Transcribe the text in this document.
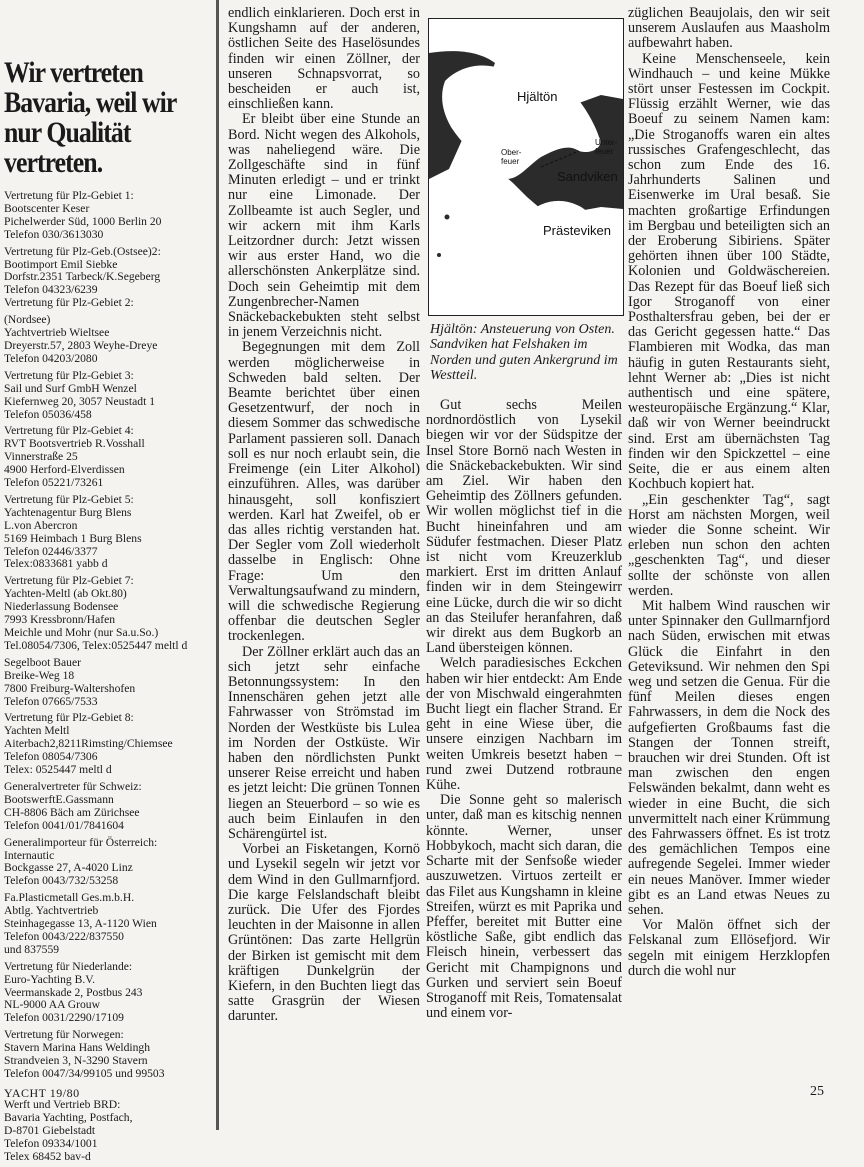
Wir vertreten
Bavaria, weil wir
nur Qualität
vertreten.
Vertretung für Plz-Gebiet 1:
Bootscenter Keser
Pichelwerder Süd, 1000 Berlin 20
Telefon 030/3613030
Vertretung für Plz-Geb.(Ostsee)2:
Bootimport Emil Siebke
Dorfstr.2351 Tarbeck/K.Segeberg
Telefon 04323/6239
Vertretung für Plz-Gebiet 2:
(Nordsee)
Yachtvertrieb Wieltsee
Dreyerstr.57, 2803 Weyhe-Dreye
Telefon 04203/2080
Vertretung für Plz-Gebiet 3:
Sail und Surf GmbH Wenzel
Kiefernweg 20, 3057 Neustadt 1
Telefon 05036/458
Vertretung für Plz-Gebiet 4:
RVT Bootsvertrieb R.Vosshall
Vinnerstraße 25
4900 Herford-Elverdissen
Telefon 05221/73261
Vertretung für Plz-Gebiet 5:
Yachtenagentur Burg Blens
L.von Abercron
5169 Heimbach 1 Burg Blens
Telefon 02446/3377
Telex:0833681 yabb d
Vertretung für Plz-Gebiet 7:
Yachten-Meltl (ab Okt.80)
Niederlassung Bodensee
7993 Kressbronn/Hafen
Meichle und Mohr (nur Sa.u.So.)
Tel.08054/7306, Telex:0525447 meltl d
Segelboot Bauer
Breike-Weg 18
7800 Freiburg-Waltershofen
Telefon 07665/7533
Vertretung für Plz-Gebiet 8:
Yachten Meltl
Aiterbach2,8211Rimsting/Chiemsee
Telefon 08054/7306
Telex: 0525447 meltl d
Generalvertreter für Schweiz:
BootswerftE.Gassmann
CH-8806 Bäch am Zürichsee
Telefon 0041/01/7841604
Generalimporteur für Österreich:
Internautic
Bockgasse 27, A-4020 Linz
Telefon 0043/732/53258
Fa.Plasticmetall Ges.m.b.H.
Abtlg. Yachtvertrieb
Steinhagegasse 13, A-1120 Wien
Telefon 0043/222/837550
und 837559
Vertretung für Niederlande:
Euro-Yachting B.V.
Veermanskade 2, Postbus 243
NL-9000 AA Grouw
Telefon 0031/2290/17109
Vertretung für Norwegen:
Stavern Marina Hans Weldingh
Strandveien 3, N-3290 Stavern
Telefon 0047/34/99105 und 99503
Werft und Vertrieb BRD:
Bavaria Yachting, Postfach,
D-8701 Giebelstadt
Telefon 09334/1001
Telex 68452 bav-d

endlich einklarieren. Doch erst in Kungshamn auf der anderen, östlichen Seite des Haselösundes finden wir einen Zöllner, der unseren Schnapsvorrat, so bescheiden er auch ist, einschließen kann.

Er bleibt über eine Stunde an Bord. Nicht wegen des Alkohols, was naheliegend wäre. Die Zollgeschäfte sind in fünf Minuten erledigt – und er trinkt nur eine Limonade. Der Zollbeamte ist auch Segler, und wir ackern mit ihm Karls Leitzordner durch: Jetzt wissen wir aus erster Hand, wo die allerschönsten Ankerplätze sind. Doch sein Geheimtip mit dem Zungenbrecher-Namen Snäckebackebukten steht selbst in jenem Verzeichnis nicht.

Begegnungen mit dem Zoll werden möglicherweise in Schweden bald selten. Der Beamte berichtet über einen Gesetzentwurf, der noch in diesem Sommer das schwedische Parlament passieren soll. Danach soll es nur noch erlaubt sein, die Freimenge (ein Liter Alkohol) einzuführen. Alles, was darüber hinausgeht, soll konfisziert werden. Karl hat Zweifel, ob er das alles richtig verstanden hat. Der Segler vom Zoll wiederholt dasselbe in Englisch: Ohne Frage: Um den Verwaltungsaufwand zu mindern, will die schwedische Regierung offenbar die deutschen Segler trockenlegen.

Der Zöllner erklärt auch das an sich jetzt sehr einfache Betonnungssystem: In den Innenschären gehen jetzt alle Fahrwasser von Strömstad im Norden der Westküste bis Lulea im Norden der Ostküste. Wir haben den nördlichsten Punkt unserer Reise erreicht und haben es jetzt leicht: Die grünen Tonnen liegen an Steuerbord – so wie es auch beim Einlaufen in den Schärengürtel ist.

Vorbei an Fisketangen, Kornö und Lysekil segeln wir jetzt vor dem Wind in den Gullmarnfjord. Die karge Felslandschaft bleibt zurück. Die Ufer des Fjordes leuchten in der Maisonne in allen Grüntönen: Das zarte Hellgrün der Birken ist gemischt mit dem kräftigen Dunkelgrün der Kiefern, in den Buchten liegt das satte Grasgrün der Wiesen darunter.

Hjältön
Ober-
feuer
Unter-
feuer
Sandviken
Prästeviken
Hjältön: Ansteuerung von Osten. Sandviken hat Felshaken im Norden und guten Ankergrund im Westteil.

Gut sechs Meilen nordnordöstlich von Lysekil biegen wir vor der Südspitze der Insel Store Bornö nach Westen in die Snäckebackebukten. Wir sind am Ziel. Wir haben den Geheimtip des Zöllners gefunden. Wir wollen möglichst tief in die Bucht hineinfahren und am Südufer festmachen. Dieser Platz ist nicht vom Kreuzerklub markiert. Erst im dritten Anlauf finden wir in dem Steingewirr eine Lücke, durch die wir so dicht an das Steilufer heranfahren, daß wir direkt aus dem Bugkorb an Land übersteigen können.

Welch paradiesisches Eckchen haben wir hier entdeckt: Am Ende der von Mischwald eingerahmten Bucht liegt ein flacher Strand. Er geht in eine Wiese über, die unsere einzigen Nachbarn im weiten Umkreis besetzt haben – rund zwei Dutzend rotbraune Kühe.

Die Sonne geht so malerisch unter, daß man es kitschig nennen könnte. Werner, unser Hobbykoch, macht sich daran, die Scharte mit der Senfsoße wieder auszuwetzen. Virtuos zerteilt er das Filet aus Kungshamn in kleine Streifen, würzt es mit Paprika und Pfeffer, bereitet mit Butter eine köstliche Saße, gibt endlich das Fleisch hinein, verbessert das Gericht mit Champignons und Gurken und serviert sein Boeuf Stroganoff mit Reis, Tomatensalat und einem vor-

züglichen Beaujolais, den wir seit unserem Auslaufen aus Maasholm aufbewahrt haben.

Keine Menschenseele, kein Windhauch – und keine Mükke stört unser Festessen im Cockpit. Flüssig erzählt Werner, wie das Boeuf zu seinem Namen kam: „Die Stroganoffs waren ein altes russisches Grafengeschlecht, das schon zum Ende des 16. Jahrhunderts Salinen und Eisenwerke im Ural besaß. Sie machten großartige Erfindungen im Bergbau und beteiligten sich an der Eroberung Sibiriens. Später gehörten ihnen über 100 Städte, Kolonien und Goldwäschereien. Das Rezept für das Boeuf ließ sich Igor Stroganoff von einer Posthaltersfrau geben, bei der er das Gericht gegessen hatte.“ Das Flambieren mit Wodka, das man häufig in guten Restaurants sieht, lehnt Werner ab: „Dies ist nicht authentisch und eine spätere, westeuropäische Ergänzung.“ Klar, daß wir von Werner beeindruckt sind. Erst am übernächsten Tag finden wir den Spickzettel – eine Seite, die er aus einem alten Kochbuch kopiert hat.

„Ein geschenkter Tag“, sagt Horst am nächsten Morgen, weil wieder die Sonne scheint. Wir erleben nun schon den achten „geschenkten Tag“, und dieser sollte der schönste von allen werden.

Mit halbem Wind rauschen wir unter Spinnaker den Gullmarnfjord nach Süden, erwischen mit etwas Glück die Einfahrt in den Geteviksund. Wir nehmen den Spi weg und setzen die Genua. Für die fünf Meilen dieses engen Fahrwassers, in dem die Nock des aufgefierten Großbaums fast die Stangen der Tonnen streift, brauchen wir drei Stunden. Oft ist man zwischen den engen Felswänden bekalmt, dann weht es wieder in eine Bucht, die sich unvermittelt nach einer Krümmung des Fahrwassers öffnet. Es ist trotz des gemächlichen Tempos eine aufregende Segelei. Immer wieder ein neues Manöver. Immer wieder gibt es an Land etwas Neues zu sehen.

Vor Malön öffnet sich der Felskanal zum Ellösefjord. Wir segeln mit einigem Herzklopfen durch die wohl nur

YACHT 19/80	25
